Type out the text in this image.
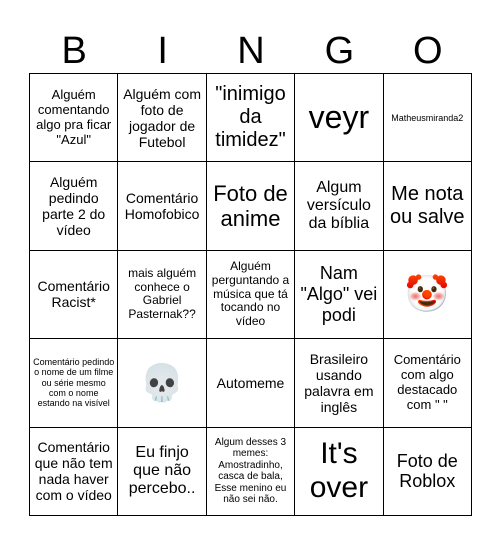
B	I	N	G	O
Alguém comentando algo pra ficar "Azul"
Alguém com foto de jogador de Futebol
"inimigo da timidez"
veyr	Matheusmiranda2
Alguém pedindo parte 2 do vídeo
Comentário Homofobico
Foto de anime
Algum versículo da bíblia
Me nota ou salve
Comentário Racist*
mais alguém conhece o Gabriel Pasternak??
Alguém perguntando a música que tá tocando no vídeo
Nam "Algo" vei podi
🤡
Comentário pedindo o nome de um filme ou série mesmo com o nome estando na visível
💀	Automeme
Brasileiro usando palavra em inglês
Comentário com algo destacado com " "
Comentário que não tem nada haver com o vídeo
Eu finjo que não percebo..
Algum desses 3 memes: Amostradinho, casca de bala, Esse menino eu não sei não.
It's over
Foto de Roblox
